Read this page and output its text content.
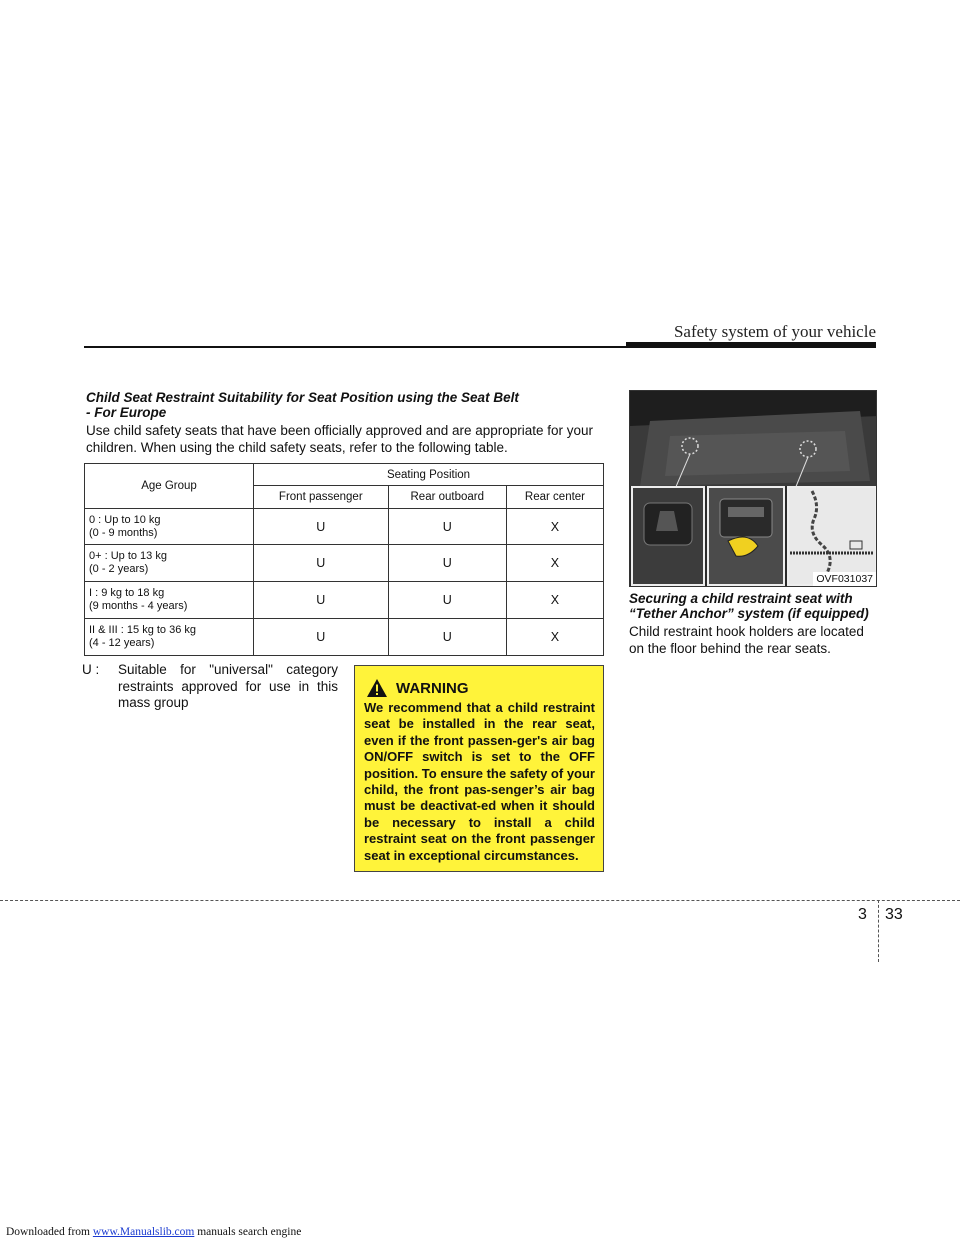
Safety system of your vehicle
Child Seat Restraint Suitability for Seat Position using the Seat Belt
- For Europe
Use child safety seats that have been officially approved and are appropriate for your children. When using the child safety seats, refer to the following table.
Age Group	Seating Position		
	Front passenger	Rear outboard	Rear center

0 : Up to 10 kg
(0 - 9 months)	U	U	X

0+ : Up to 13 kg
(0 - 2 years)	U	U	X

I : 9 kg to 18 kg
(9 months - 4 years)	U	U	X

II & III : 15 kg to 36 kg
(4 - 12 years)	U	U	X
U : Suitable for "universal" category restraints approved for use in this mass group
WARNING
We recommend that a child restraint seat be installed in the rear seat, even if the front passen-ger's air bag ON/OFF switch is set to the OFF position. To ensure the safety of your child, the front pas-senger’s air bag must be deactivat-ed when it should be necessary to install a child restraint seat on the front passenger seat in exceptional circumstances.
OVF031037
Securing a child restraint seat with
“Tether Anchor” system (if equipped)
Child restraint hook holders are located on the floor behind the rear seats.
3 33
Downloaded from www.Manualslib.com manuals search engine
